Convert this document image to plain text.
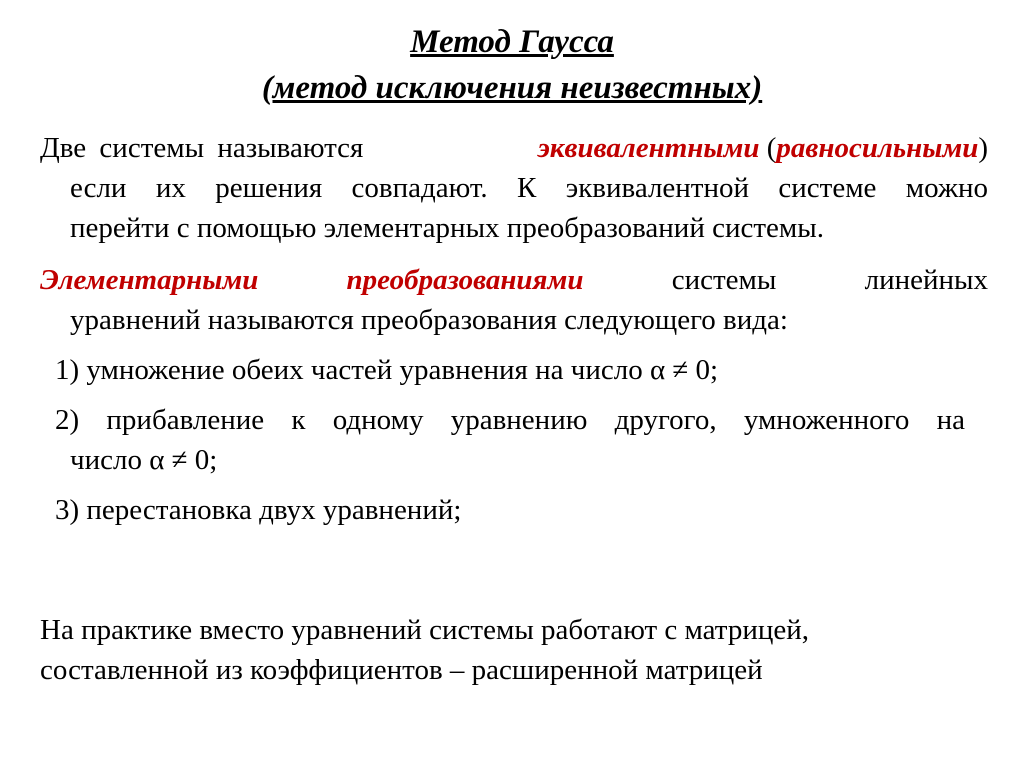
Метод Гаусса
(метод исключения неизвестных)
Две системы называются	эквивалентными (равносильными)
если их решения совпадают. К эквивалентной системе можно
перейти с помощью элементарных преобразований системы.
Элементарными	преобразованиями	системы	линейных
уравнений называются преобразования следующего вида:
1) умножение обеих частей уравнения на число α ≠ 0;
2) прибавление к одному уравнению другого, умноженного на
число α ≠ 0;
3) перестановка двух уравнений;
На практике вместо уравнений системы работают с матрицей,
составленной из коэффициентов – расширенной матрицей
